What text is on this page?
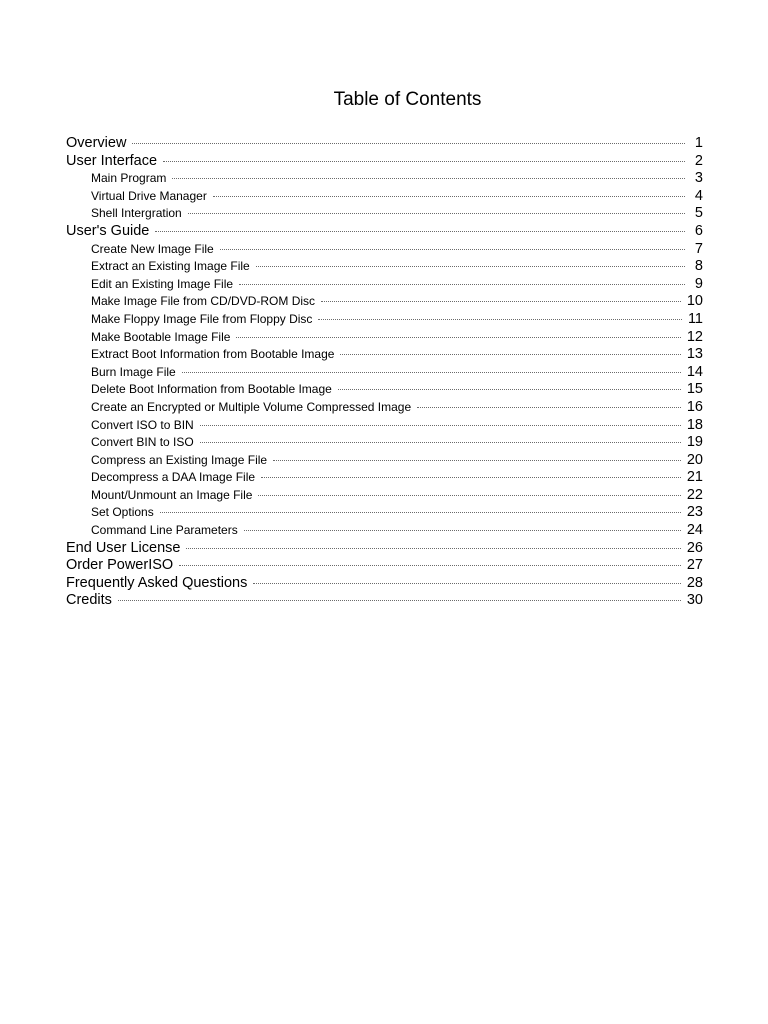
Table of Contents
Overview	1
User Interface	2
Main Program	3
Virtual Drive Manager	4
Shell Intergration	5
User's Guide	6
Create New Image File	7
Extract an Existing Image File	8
Edit an Existing Image File	9
Make Image File from CD/DVD-ROM Disc	10
Make Floppy Image File from Floppy Disc	11
Make Bootable Image File	12
Extract Boot Information from Bootable Image	13
Burn Image File	14
Delete Boot Information from Bootable Image	15
Create an Encrypted or Multiple Volume Compressed Image	16
Convert ISO to BIN	18
Convert BIN to ISO	19
Compress an Existing Image File	20
Decompress a DAA Image File	21
Mount/Unmount an Image File	22
Set Options	23
Command Line Parameters	24
End User License	26
Order PowerISO	27
Frequently Asked Questions	28
Credits	30
